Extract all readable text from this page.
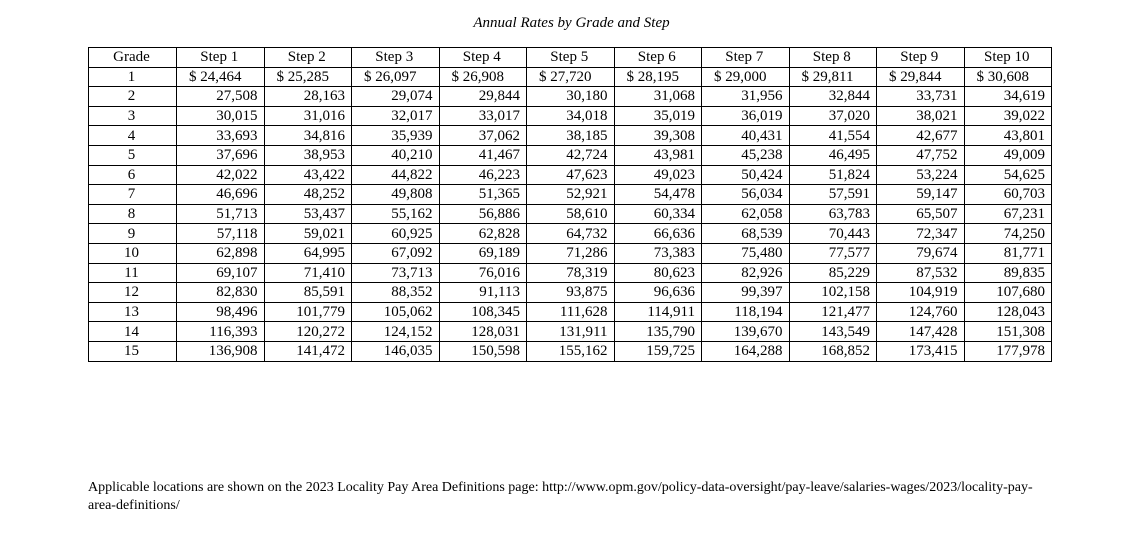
Annual Rates by Grade and Step
Grade	Step 1	Step 2	Step 3	Step 4	Step 5	Step 6	Step 7	Step 8	Step 9	Step 10
1	$ 24,464	$ 25,285	$ 26,097	$ 26,908	$ 27,720	$ 28,195	$ 29,000	$ 29,811	$ 29,844	$ 30,608
2	27,508	28,163	29,074	29,844	30,180	31,068	31,956	32,844	33,731	34,619
3	30,015	31,016	32,017	33,017	34,018	35,019	36,019	37,020	38,021	39,022
4	33,693	34,816	35,939	37,062	38,185	39,308	40,431	41,554	42,677	43,801
5	37,696	38,953	40,210	41,467	42,724	43,981	45,238	46,495	47,752	49,009
6	42,022	43,422	44,822	46,223	47,623	49,023	50,424	51,824	53,224	54,625
7	46,696	48,252	49,808	51,365	52,921	54,478	56,034	57,591	59,147	60,703
8	51,713	53,437	55,162	56,886	58,610	60,334	62,058	63,783	65,507	67,231
9	57,118	59,021	60,925	62,828	64,732	66,636	68,539	70,443	72,347	74,250
10	62,898	64,995	67,092	69,189	71,286	73,383	75,480	77,577	79,674	81,771
11	69,107	71,410	73,713	76,016	78,319	80,623	82,926	85,229	87,532	89,835
12	82,830	85,591	88,352	91,113	93,875	96,636	99,397	102,158	104,919	107,680
13	98,496	101,779	105,062	108,345	111,628	114,911	118,194	121,477	124,760	128,043
14	116,393	120,272	124,152	128,031	131,911	135,790	139,670	143,549	147,428	151,308
15	136,908	141,472	146,035	150,598	155,162	159,725	164,288	168,852	173,415	177,978
Applicable locations are shown on the 2023 Locality Pay Area Definitions page: http://www.opm.gov/policy-data-oversight/pay-leave/salaries-wages/2023/locality-pay-area-definitions/
